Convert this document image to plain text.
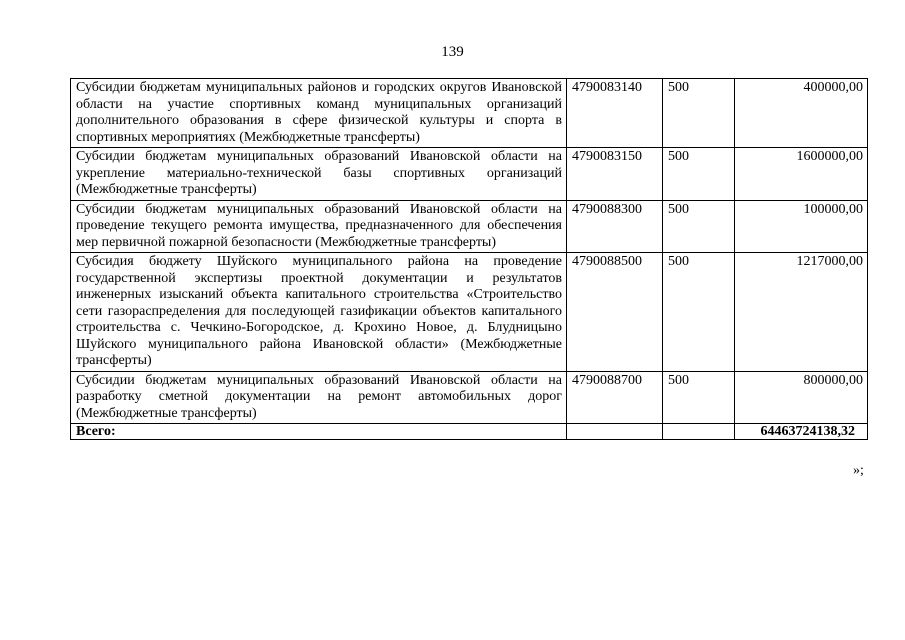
139
Субсидии бюджетам муниципальных районов и городских округов Ивановской области на участие спортивных команд муниципальных организаций дополнительного образования в сфере физической культуры и спорта в спортивных мероприятиях (Межбюджетные трансферты)	4790083140	500	400000,00
Субсидии бюджетам муниципальных образований Ивановской области на укрепление материально-технической базы спортивных организаций (Межбюджетные трансферты)	4790083150	500	1600000,00
Субсидии бюджетам муниципальных образований Ивановской области на проведение текущего ремонта имущества, предназначенного для обеспечения мер первичной пожарной безопасности (Межбюджетные трансферты)	4790088300	500	100000,00
Субсидия бюджету Шуйского муниципального района на проведение государственной экспертизы проектной документации и результатов инженерных изысканий объекта капитального строительства «Строительство сети газораспределения для последующей газификации объектов капитального строительства с. Чечкино-Богородское, д. Крохино Новое, д. Блудницыно Шуйского муниципального района Ивановской области» (Межбюджетные трансферты)	4790088500	500	1217000,00
Субсидии бюджетам муниципальных образований Ивановской области на разработку сметной документации на ремонт автомобильных дорог (Межбюджетные трансферты)	4790088700	500	800000,00
Всего:			64463724138,32
»;
